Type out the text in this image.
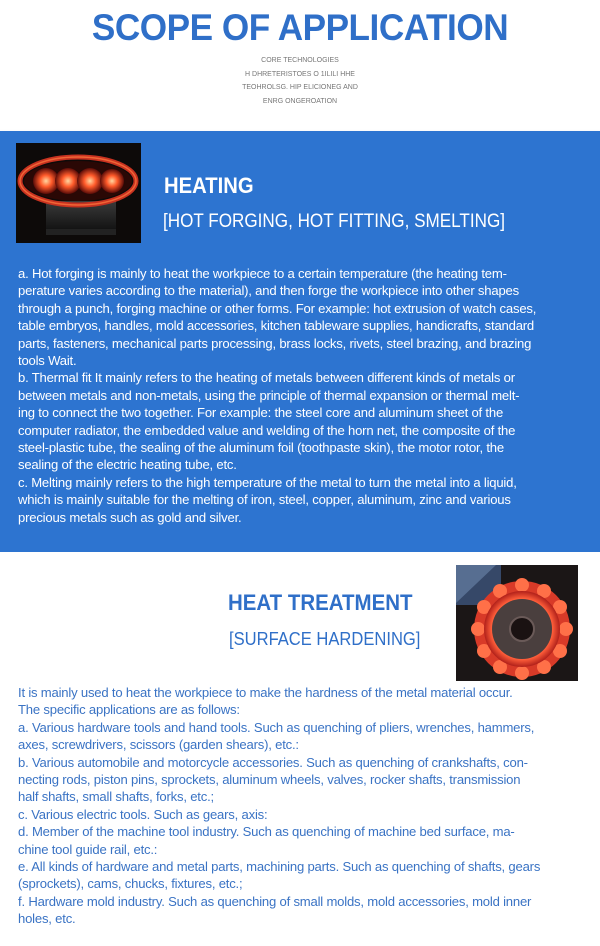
SCOPE OF APPLICATION
CORE TECHNOLOGIES
H DHRETERISTOES O 1ILILI HHE
TEOHROLSG. HIP ELICIONEG AND
ENRG ONGEROATION
HEATING
[HOT FORGING, HOT FITTING, SMELTING]

a. Hot forging is mainly to heat the workpiece to a certain temperature (the heating tem-

perature varies according to the material), and then forge the workpiece into other shapes

through a punch, forging machine or other forms. For example: hot extrusion of watch cases,

table embryos, handles, mold accessories, kitchen tableware supplies, handicrafts, standard

parts, fasteners, mechanical parts processing, brass locks, rivets, steel brazing, and brazing

tools Wait.

b. Thermal fit It mainly refers to the heating of metals between different kinds of metals or

between metals and non-metals, using the principle of thermal expansion or thermal melt-

ing to connect the two together. For example: the steel core and aluminum sheet of the

computer radiator, the embedded value and welding of the horn net, the composite of the

steel-plastic tube, the sealing of the aluminum foil (toothpaste skin), the motor rotor, the

sealing of the electric heating tube, etc.

c. Melting mainly refers to the high temperature of the metal to turn the metal into a liquid,

which is mainly suitable for the melting of iron, steel, copper, aluminum, zinc and various

precious metals such as gold and silver.

HEAT TREATMENT
[SURFACE HARDENING]

It is mainly used to heat the workpiece to make the hardness of the metal material occur.

The specific applications are as follows:

a. Various hardware tools and hand tools. Such as quenching of pliers, wrenches, hammers,

axes, screwdrivers, scissors (garden shears), etc.:

b. Various automobile and motorcycle accessories. Such as quenching of crankshafts, con-

necting rods, piston pins, sprockets, aluminum wheels, valves, rocker shafts, transmission

half shafts, small shafts, forks, etc.;

c. Various electric tools. Such as gears, axis:

d. Member of the machine tool industry. Such as quenching of machine bed surface, ma-

chine tool guide rail, etc.:

e. All kinds of hardware and metal parts, machining parts. Such as quenching of shafts, gears

(sprockets), cams, chucks, fixtures, etc.;

f. Hardware mold industry. Such as quenching of small molds, mold accessories, mold inner

holes, etc.
